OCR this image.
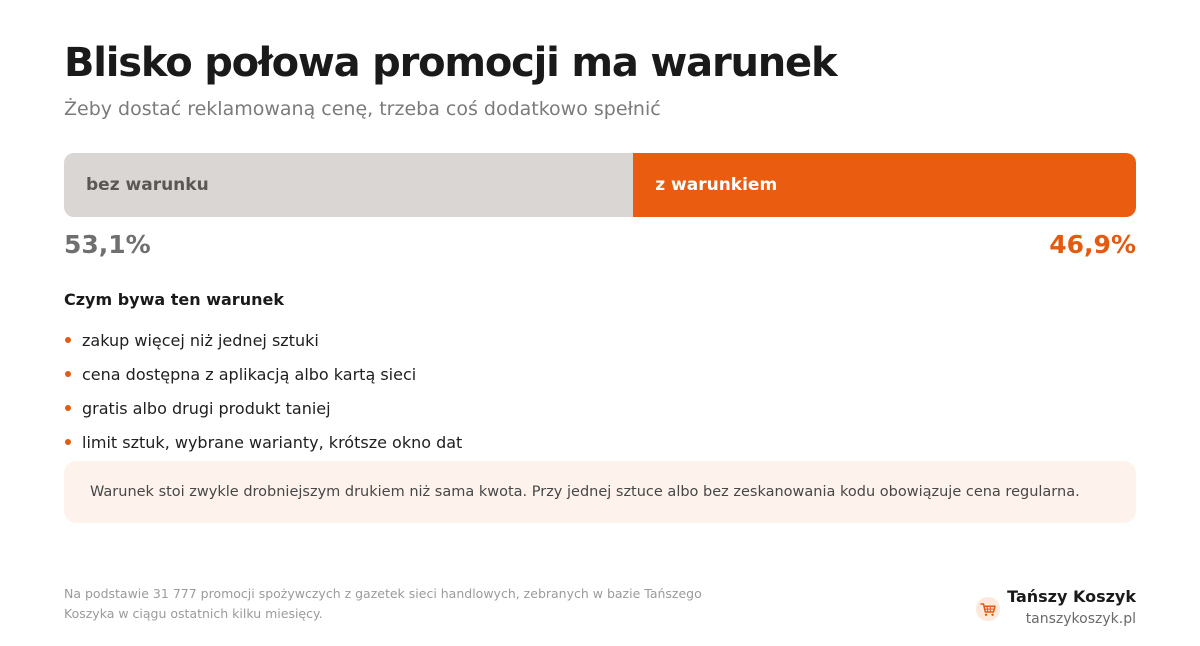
Blisko połowa promocji ma warunek
Żeby dostać reklamowaną cenę, trzeba coś dodatkowo spełnić
bez warunku	z warunkiem
53,1%	46,9%
Czym bywa ten warunek
zakup więcej niż jednej sztuki
cena dostępna z aplikacją albo kartą sieci
gratis albo drugi produkt taniej
limit sztuk, wybrane warianty, krótsze okno dat
Warunek stoi zwykle drobniejszym drukiem niż sama kwota. Przy jednej sztuce albo bez zeskanowania kodu obowiązuje cena regularna.
Na podstawie 31 777 promocji spożywczych z gazetek sieci handlowych, zebranych w bazie Tańszego Koszyka w ciągu ostatnich kilku miesięcy.
Tańszy Koszyk
tanszykoszyk.pl
